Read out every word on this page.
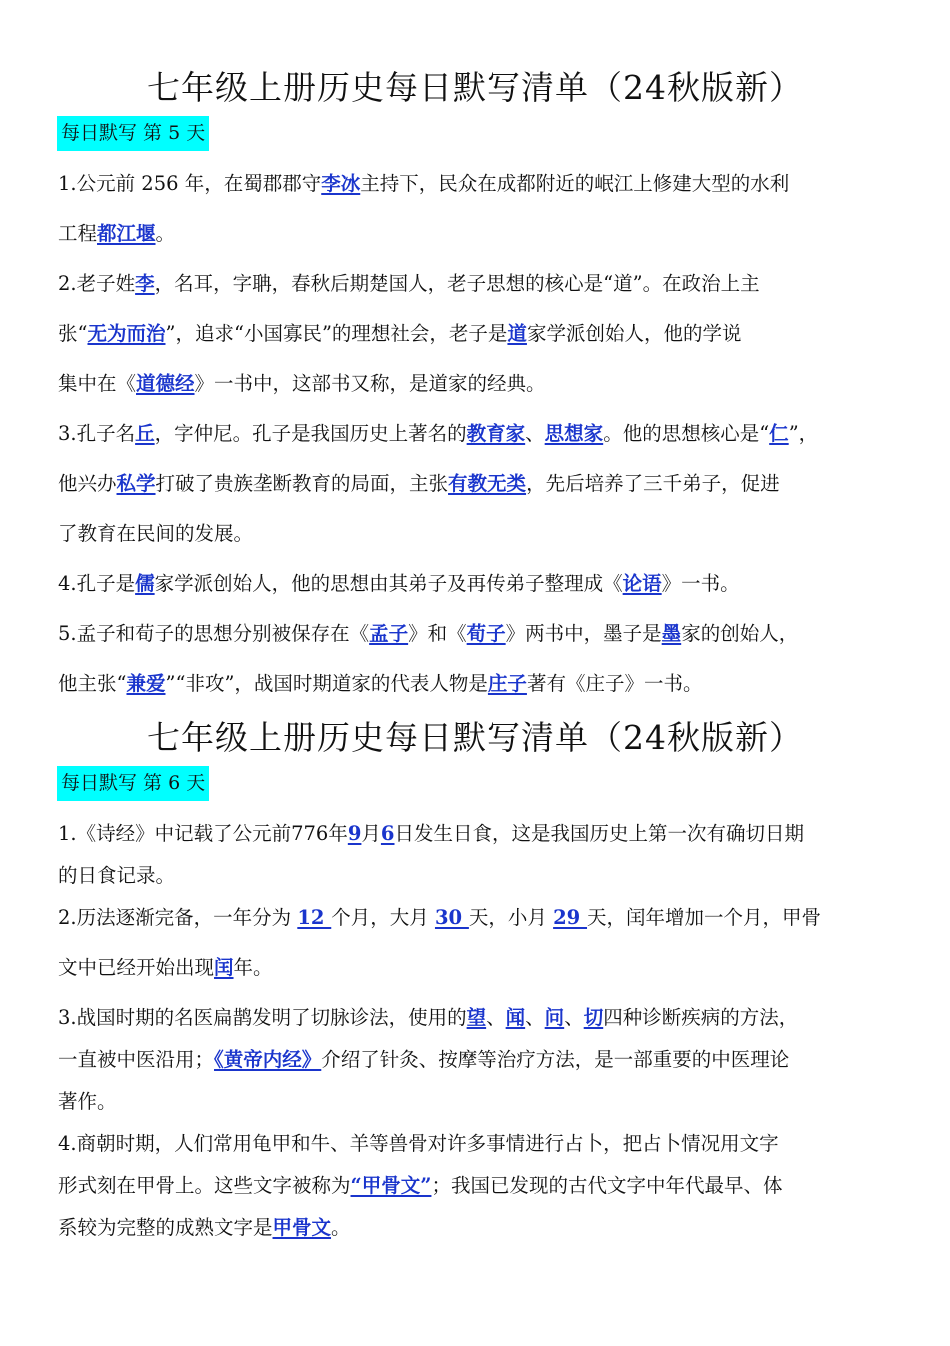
七年级上册历史每日默写清单（24秋版新）
每日默写 第 5 天
1.公元前 256 年，在蜀郡郡守李冰主持下，民众在成都附近的岷江上修建大型的水利
工程都江堰。
2.老子姓李，名耳，字聃，春秋后期楚国人，老子思想的核心是“道”。在政治上主
张“无为而治”，追求“小国寡民”的理想社会，老子是道家学派创始人，他的学说
集中在《道德经》一书中，这部书又称，是道家的经典。
3.孔子名丘，字仲尼。孔子是我国历史上著名的教育家、思想家。他的思想核心是“仁”，
他兴办私学打破了贵族垄断教育的局面，主张有教无类，先后培养了三千弟子，促进
了教育在民间的发展。
4.孔子是儒家学派创始人，他的思想由其弟子及再传弟子整理成《论语》一书。
5.孟子和荀子的思想分别被保存在《孟子》和《荀子》两书中，墨子是墨家的创始人，
他主张“兼爱”“非攻”，战国时期道家的代表人物是庄子著有《庄子》一书。
七年级上册历史每日默写清单（24秋版新）
每日默写 第 6 天
1.《诗经》中记载了公元前776年9月6日发生日食，这是我国历史上第一次有确切日期
的日食记录。
2.历法逐渐完备，一年分为 12 个月，大月 30 天，小月 29 天，闰年增加一个月，甲骨
文中已经开始出现闰年。
3.战国时期的名医扁鹊发明了切脉诊法，使用的望、闻、问、切四种诊断疾病的方法，
一直被中医沿用；《黄帝内经》介绍了针灸、按摩等治疗方法，是一部重要的中医理论
著作。
4.商朝时期，人们常用龟甲和牛、羊等兽骨对许多事情进行占卜，把占卜情况用文字
形式刻在甲骨上。这些文字被称为“甲骨文”；我国已发现的古代文字中年代最早、体
系较为完整的成熟文字是甲骨文。
